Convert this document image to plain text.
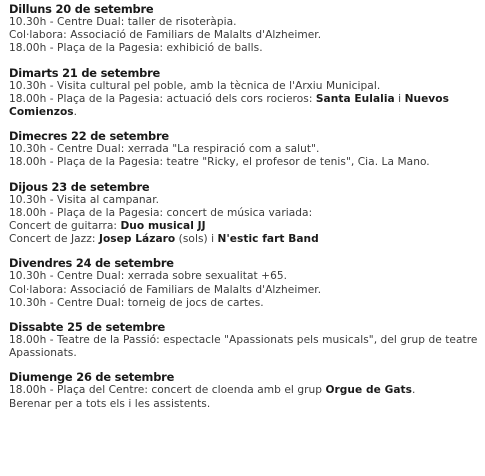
Dilluns 20 de setembre
10.30h - Centre Dual: taller de risoteràpia.
Col·labora: Associació de Familiars de Malalts d'Alzheimer.
18.00h - Plaça de la Pagesia: exhibició de balls.
Dimarts 21 de setembre
10.30h - Visita cultural pel poble, amb la tècnica de l'Arxiu Municipal.
18.00h - Plaça de la Pagesia: actuació dels cors rocieros: Santa Eulalia i Nuevos Comienzos.
Dimecres 22 de setembre
10.30h - Centre Dual: xerrada "La respiració com a salut".
18.00h - Plaça de la Pagesia: teatre "Ricky, el profesor de tenis", Cia. La Mano.
Dijous 23 de setembre
10.30h - Visita al campanar.
18.00h - Plaça de la Pagesia: concert de música variada:
Concert de guitarra: Duo musical JJ
Concert de Jazz: Josep Lázaro (sols) i N'estic fart Band
Divendres 24 de setembre
10.30h - Centre Dual: xerrada sobre sexualitat +65.
Col·labora: Associació de Familiars de Malalts d'Alzheimer.
10.30h - Centre Dual: torneig de jocs de cartes.
Dissabte 25 de setembre
18.00h - Teatre de la Passió: espectacle "Apassionats pels musicals", del grup de teatre Apassionats.
Diumenge 26 de setembre
18.00h - Plaça del Centre: concert de cloenda amb el grup Orgue de Gats.
Berenar per a tots els i les assistents.
